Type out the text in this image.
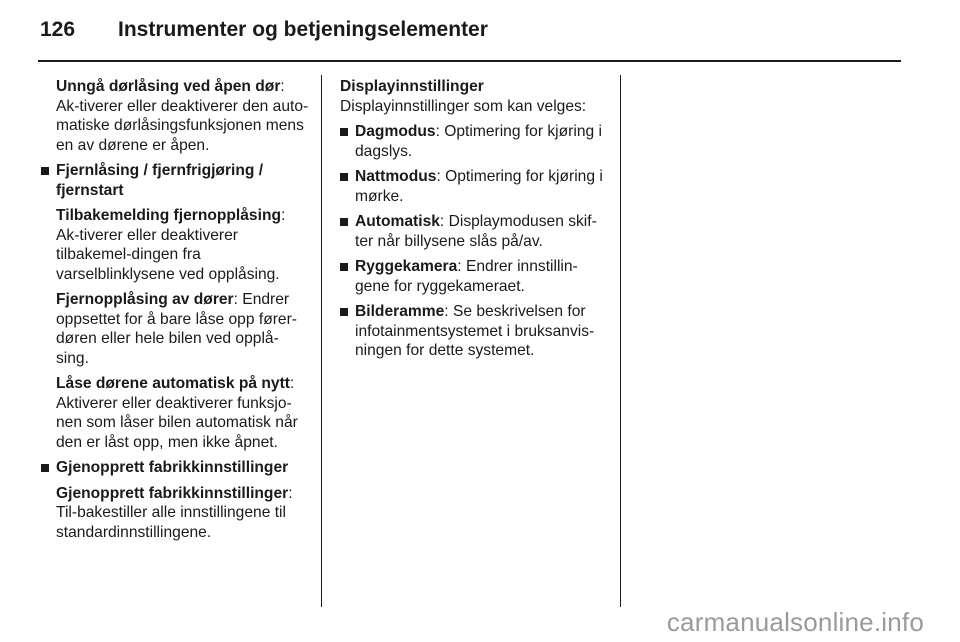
126 Instrumenter og betjeningselementer

Unngå dørlåsing ved åpen dør: Ak-tiverer eller deaktiverer den auto-matiske dørlåsingsfunksjonen mens en av dørene er åpen.

Fjernlåsing / fjernfrigjøring / fjernstart

Tilbakemelding fjernopplåsing: Ak-tiverer eller deaktiverer tilbakemel-dingen fra varselblinklysene ved opplåsing.

Fjernopplåsing av dører: Endrer oppsettet for å bare låse opp fører-døren eller hele bilen ved opplå-sing.

Låse dørene automatisk på nytt: Aktiverer eller deaktiverer funksjo-nen som låser bilen automatisk når den er låst opp, men ikke åpnet.

Gjenopprett fabrikkinnstillinger

Gjenopprett fabrikkinnstillinger: Til-bakestiller alle innstillingene til standardinnstillingene.

Displayinnstillinger

Displayinnstillinger som kan velges:

Dagmodus: Optimering for kjøring i dagslys.
Nattmodus: Optimering for kjøring i mørke.
Automatisk: Displaymodusen skif-ter når billysene slås på/av.
Ryggekamera: Endrer innstillin-gene for ryggekameraet.
Bilderamme: Se beskrivelsen for infotainmentsystemet i bruksanvis-ningen for dette systemet.
carmanualsonline.info
